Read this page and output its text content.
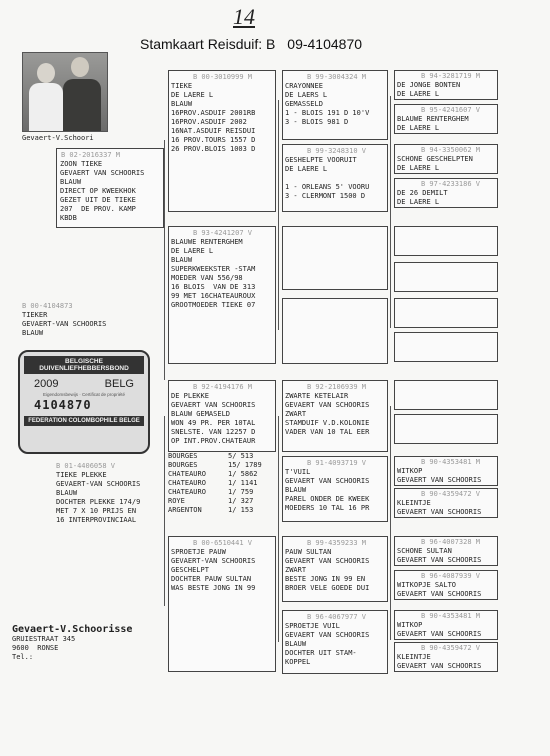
14
Stamkaart Reisduif: B 09-4104870
Gevaert-V.Schoori
B 02-2016337 M
ZOON TIEKE
GEVAERT VAN SCHOORIS
BLAUW
DIRECT OP KWEEKHOK
GEZET UIT DE TIEKE
207  DE PROV. KAMP
KBDB
B 00-4104873
TIEKER
GEVAERT-VAN SCHOORIS
BLAUW
BELGISCHE DUIVENLIEFHEBBERSBOND
2009	BELG
Eigendomsbewijs · Certificat de propriété
4104870
FEDERATION COLOMBOPHILE BELGE
B 01-4406058 V
TIEKE PLEKKE
GEVAERT-VAN SCHOORIS
BLAUW
DOCHTER PLEKKE 174/9
MET 7 X 10 PRIJS EN
16 INTERPROVINCIAAL
B 00-3010999 M
TIEKE
DE LAERE L
BLAUW
16PROV.ASDUIF 2001RB
16PROV.ASDUIF 2002
16NAT.ASDUIF REISDUI
16 PROV.TOURS 1557 D
26 PROV.BLOIS 1003 D
B 93-4241207 V
BLAUWE RENTERGHEM
DE LAERE L
BLAUW
SUPERKWEEKSTER -STAM
MOEDER VAN 556/98
16 BLOIS  VAN DE 313
99 MET 16CHATEAUROUX
GROOTMOEDER TIEKE 07
B 92-4194176 M
DE PLEKKE
GEVAERT VAN SCHOORIS
BLAUW GEMASELD
WON 49 PR. PER 10TAL
SNELSTE. VAN 12257 D
OP INT.PROV.CHATEAUR
BOURGES	5/ 513
BOURGES	15/ 1789
CHATEAURO	1/ 5862
CHATEAURO	1/ 1141
CHATEAURO	1/ 759
ROYE	1/ 327
ARGENTON	1/ 153
B 00-6510441 V
SPROETJE PAUW
GEVAERT-VAN SCHOORIS
GESCHELPT
DOCHTER PAUW SULTAN
WAS BESTE JONG IN 99
B 99-3004324 M
CRAYONNEE
DE LAERS L
GEMASSELD
1 - BLOIS 191 D 10'V
3 - BLOIS 981 D
B 99-3248310 V
GESHELPTE VOORUIT
DE LAERE L

1 - ORLEANS 5' VOORU
3 - CLERMONT 1500 D
B 92-2106939 M
ZWARTE KETELAIR
GEVAERT VAN SCHOORIS
ZWART
STAMDUIF V.D.KOLONIE
VADER VAN 10 TAL EER
B 91-4093719 V
T'VUIL
GEVAERT VAN SCHOORIS
BLAUW
PAREL ONDER DE KWEEK
MOEDERS 10 TAL 16 PR
B 99-4359233 M
PAUW SULTAN
GEVAERT VAN SCHOORIS
ZWART
BESTE JONG IN 99 EN
BROER VELE GOEDE DUI
B 96-4067977 V
SPROETJE VUIL
GEVAERT VAN SCHOORIS
BLAUW
DOCHTER UIT STAM-
KOPPEL
B 94-3281719 M
DE JONGE BONTEN
DE LAERE L
B 95-4241607 V
BLAUWE RENTERGHEM
DE LAERE L
B 94-3350062 M
SCHONE GESCHELPTEN
DE LAERE L
B 97-4233186 V
DE 26 DEMILT
DE LAERE L

B 90-4353481 M
WITKOP
GEVAERT VAN SCHOORIS
B 90-4359472 V
KLEINTJE
GEVAERT VAN SCHOORIS
B 96-4007328 M
SCHONE SULTAN
GEVAERT VAN SCHOORIS
B 96-4087939 V
WITKOPJE SALTO
GEVAERT VAN SCHOORIS
B 90-4353481 M
WITKOP
GEVAERT VAN SCHOORIS
B 90-4359472 V
KLEINTJE
GEVAERT VAN SCHOORIS
Gevaert-V.Schoorisse
GRUIESTRAAT 345
9600  RONSE
Tel.:
